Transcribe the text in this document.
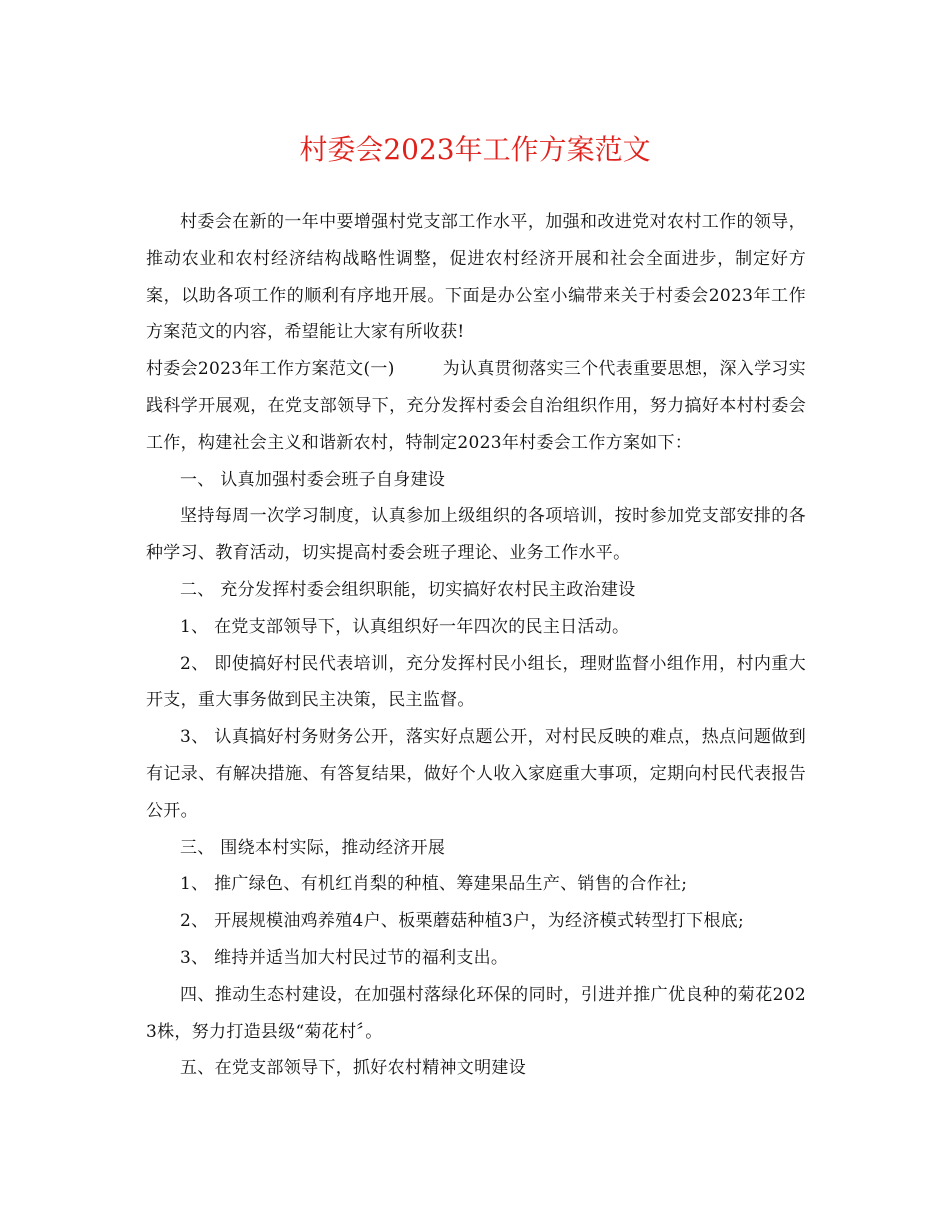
村委会2023年工作方案范文

村委会在新的一年中要增强村党支部工作水平，加强和改进党对农村工作的领导，推动农业和农村经济结构战略性调整，促进农村经济开展和社会全面进步，制定好方案，以助各项工作的顺利有序地开展。下面是办公室小编带来关于村委会2023年工作方案范文的内容，希望能让大家有所收获!

村委会2023年工作方案范文(一)	为认真贯彻落实三个代表重要思想，深入学习实践科学开展观，在党支部领导下，充分发挥村委会自治组织作用，努力搞好本村村委会工作，构建社会主义和谐新农村，特制定2023年村委会工作方案如下：

一、 认真加强村委会班子自身建设

坚持每周一次学习制度，认真参加上级组织的各项培训，按时参加党支部安排的各种学习、教育活动，切实提高村委会班子理论、业务工作水平。

二、 充分发挥村委会组织职能，切实搞好农村民主政治建设

1、 在党支部领导下，认真组织好一年四次的民主日活动。

2、 即使搞好村民代表培训，充分发挥村民小组长，理财监督小组作用，村内重大开支，重大事务做到民主决策，民主监督。

3、 认真搞好村务财务公开，落实好点题公开，对村民反映的难点，热点问题做到有记录、有解决措施、有答复结果，做好个人收入家庭重大事项，定期向村民代表报告公开。

三、 围绕本村实际，推动经济开展

1、 推广绿色、有机红肖梨的种植、筹建果品生产、销售的合作社;

2、 开展规模油鸡养殖4户、板栗蘑菇种植3户，为经济模式转型打下根底;

3、 维持并适当加大村民过节的福利支出。

四、推动生态村建设，在加强村落绿化环保的同时，引进并推广优良种的菊花2023株，努力打造县级“菊花村〞。

五、在党支部领导下，抓好农村精神文明建设
